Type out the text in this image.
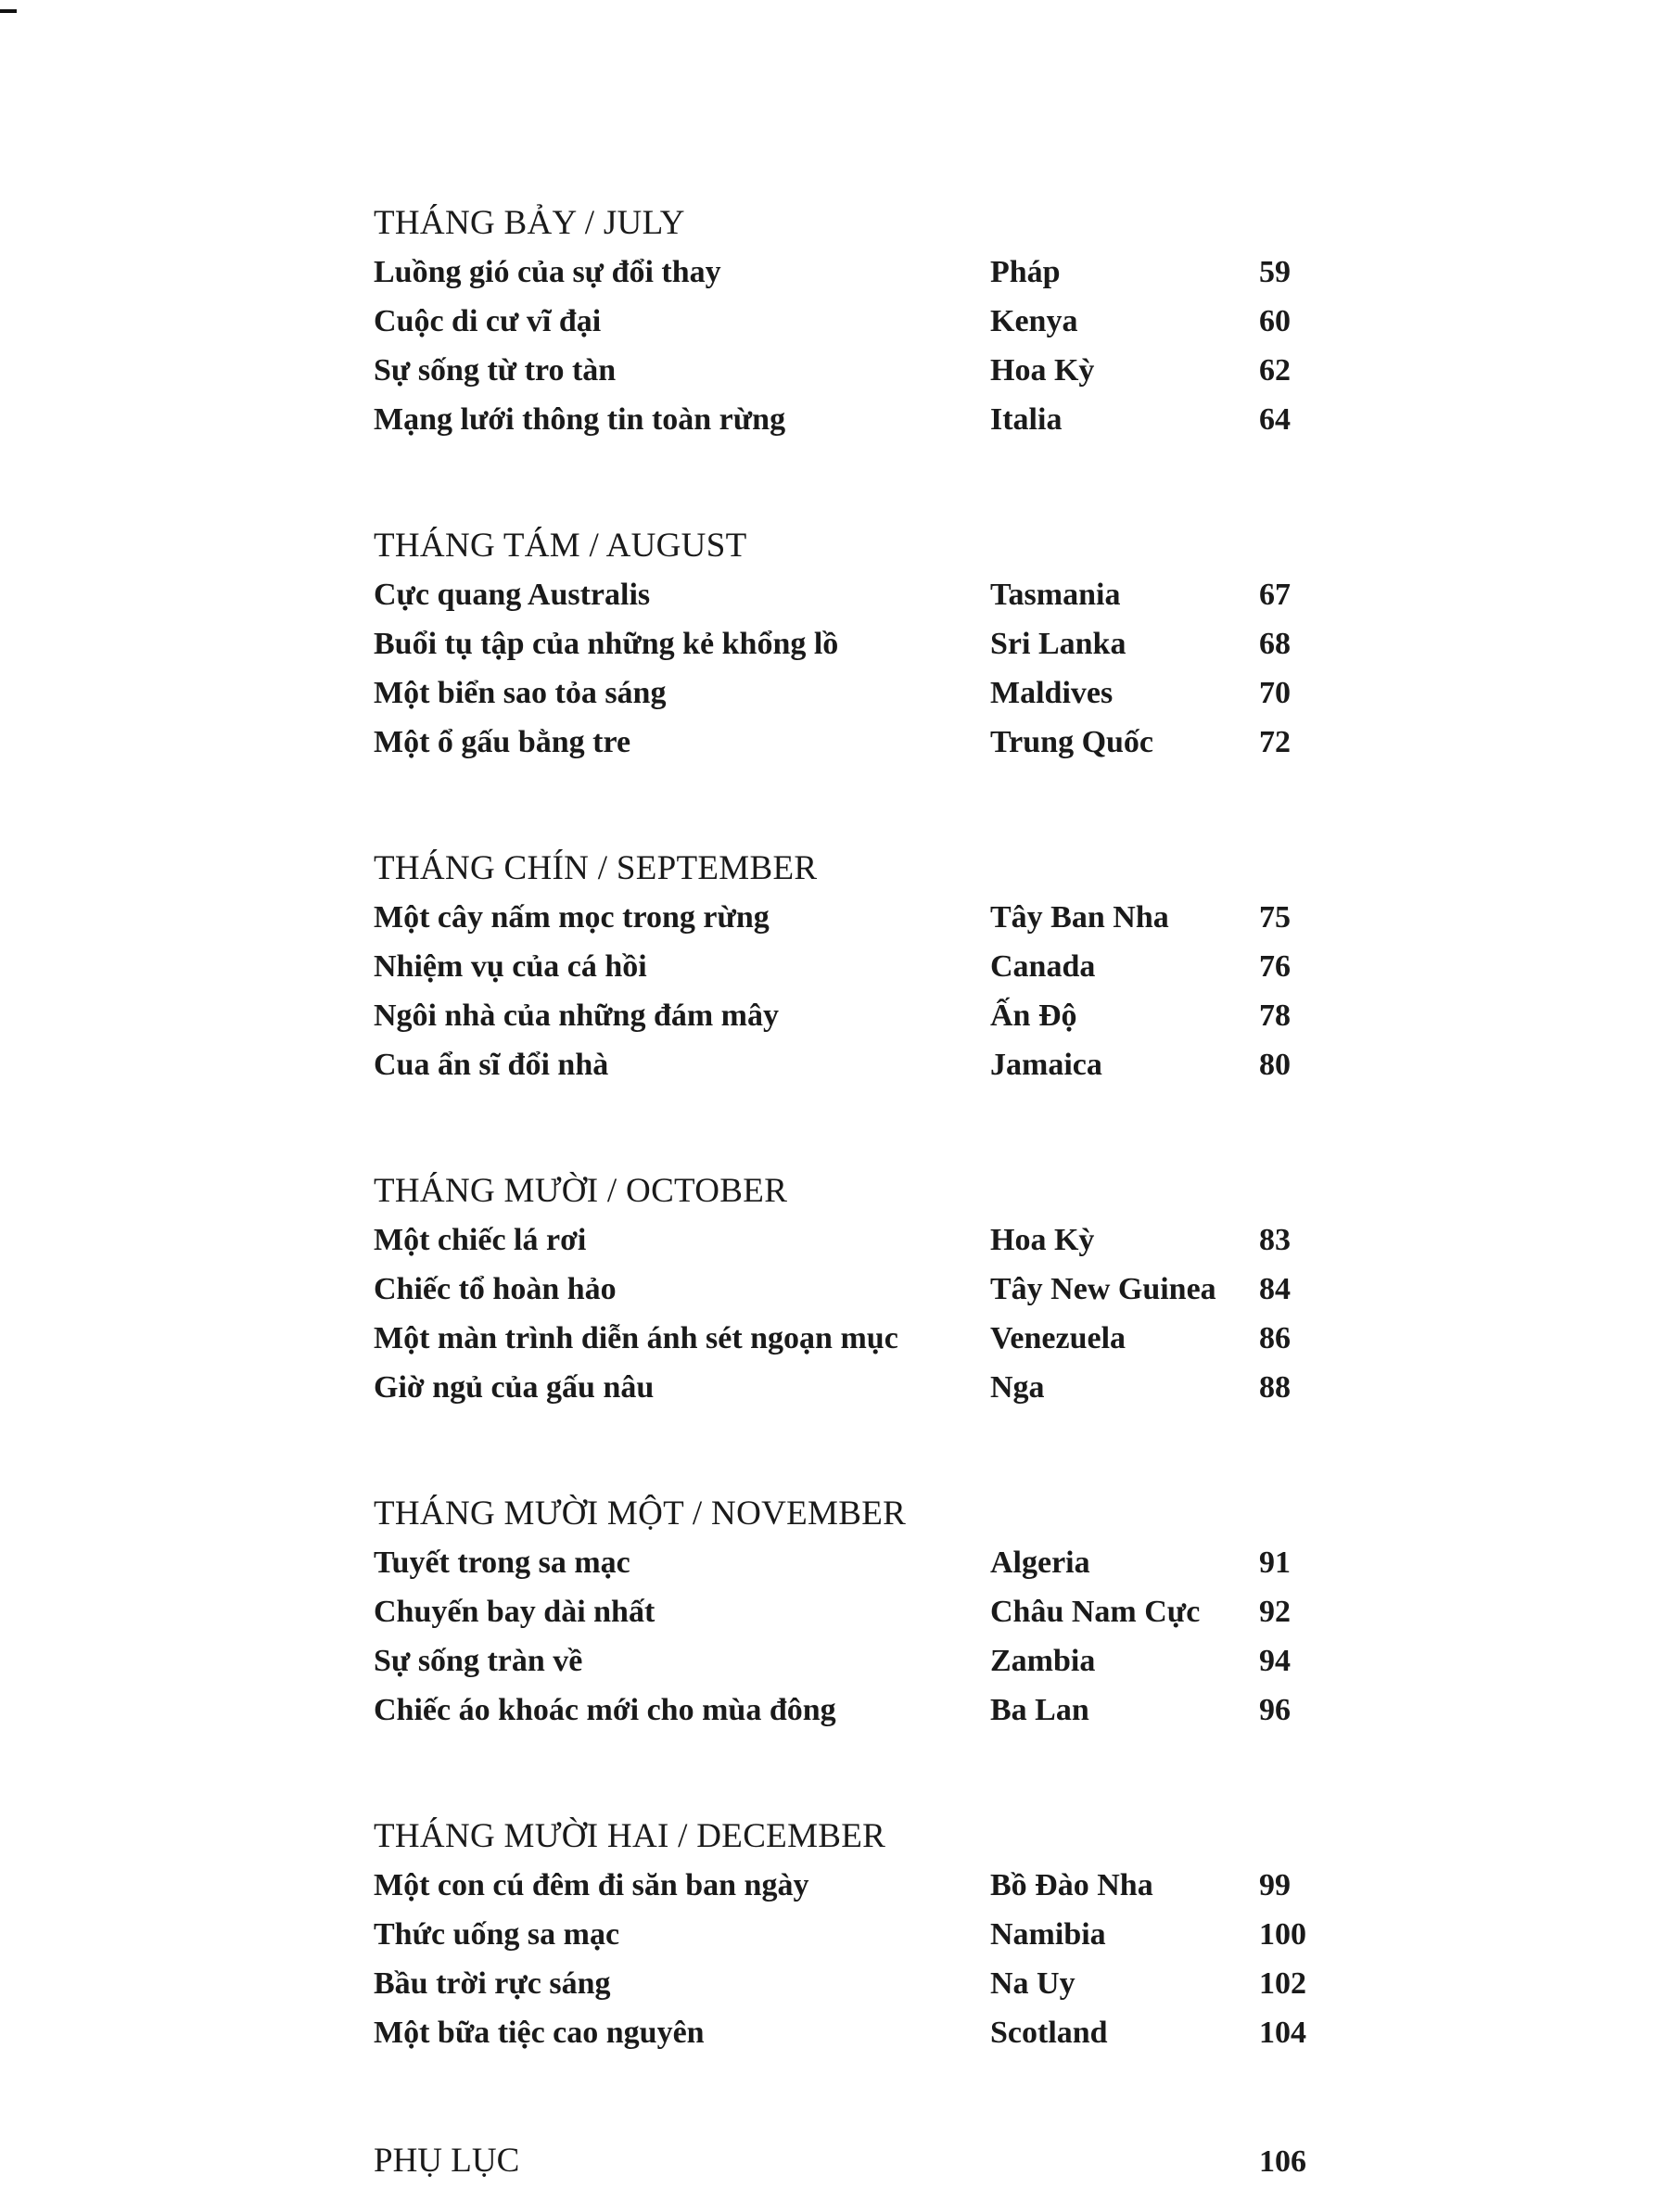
THÁNG BẢY / JULY
Luồng gió của sự đổi thay	Pháp	59
Cuộc di cư vĩ đại	Kenya	60
Sự sống từ tro tàn	Hoa Kỳ	62
Mạng lưới thông tin toàn rừng	Italia	64
THÁNG TÁM / AUGUST
Cực quang Australis	Tasmania	67
Buổi tụ tập của những kẻ khổng lồ	Sri Lanka	68
Một biển sao tỏa sáng	Maldives	70
Một ổ gấu bằng tre	Trung Quốc	72
THÁNG CHÍN / SEPTEMBER
Một cây nấm mọc trong rừng	Tây Ban Nha	75
Nhiệm vụ của cá hồi	Canada	76
Ngôi nhà của những đám mây	Ấn Độ	78
Cua ẩn sĩ đổi nhà	Jamaica	80
THÁNG MƯỜI / OCTOBER
Một chiếc lá rơi	Hoa Kỳ	83
Chiếc tổ hoàn hảo	Tây New Guinea	84
Một màn trình diễn ánh sét ngoạn mục	Venezuela	86
Giờ ngủ của gấu nâu	Nga	88
THÁNG MƯỜI MỘT / NOVEMBER
Tuyết trong sa mạc	Algeria	91
Chuyến bay dài nhất	Châu Nam Cực	92
Sự sống tràn về	Zambia	94
Chiếc áo khoác mới cho mùa đông	Ba Lan	96
THÁNG MƯỜI HAI / DECEMBER
Một con cú đêm đi săn ban ngày	Bồ Đào Nha	99
Thức uống sa mạc	Namibia	100
Bầu trời rực sáng	Na Uy	102
Một bữa tiệc cao nguyên	Scotland	104
PHỤ LỤC	106
